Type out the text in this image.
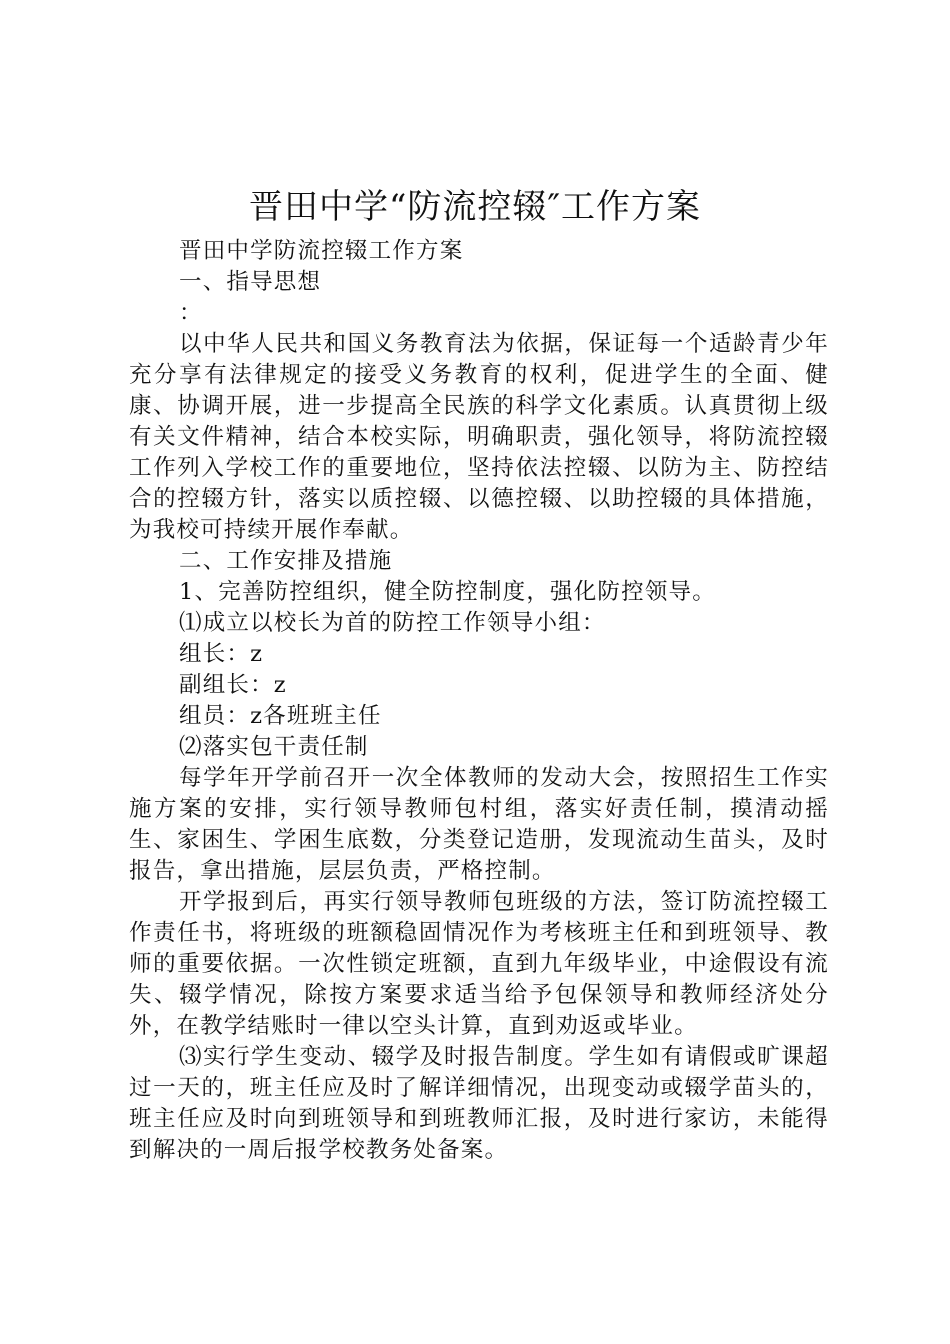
晋田中学“防流控辍″工作方案

晋田中学防流控辍工作方案

一、指导思想

：

以中华人民共和国义务教育法为依据，保证每一个适龄青少年充分享有法律规定的接受义务教育的权利，促进学生的全面、健康、协调开展，进一步提高全民族的科学文化素质。认真贯彻上级有关文件精神，结合本校实际，明确职责，强化领导，将防流控辍工作列入学校工作的重要地位，坚持依法控辍、以防为主、防控结合的控辍方针，落实以质控辍、以德控辍、以助控辍的具体措施，为我校可持续开展作奉献。

二、工作安排及措施

1、完善防控组织，健全防控制度，强化防控领导。

⑴成立以校长为首的防控工作领导小组：

组长：z

副组长：z

组员：z各班班主任

⑵落实包干责任制

每学年开学前召开一次全体教师的发动大会，按照招生工作实施方案的安排，实行领导教师包村组，落实好责任制，摸清动摇生、家困生、学困生底数，分类登记造册，发现流动生苗头，及时报告，拿出措施，层层负责，严格控制。

开学报到后，再实行领导教师包班级的方法，签订防流控辍工作责任书，将班级的班额稳固情况作为考核班主任和到班领导、教师的重要依据。一次性锁定班额，直到九年级毕业，中途假设有流失、辍学情况，除按方案要求适当给予包保领导和教师经济处分外，在教学结账时一律以空头计算，直到劝返或毕业。

⑶实行学生变动、辍学及时报告制度。学生如有请假或旷课超过一天的，班主任应及时了解详细情况，出现变动或辍学苗头的，班主任应及时向到班领导和到班教师汇报，及时进行家访，未能得到解决的一周后报学校教务处备案。
